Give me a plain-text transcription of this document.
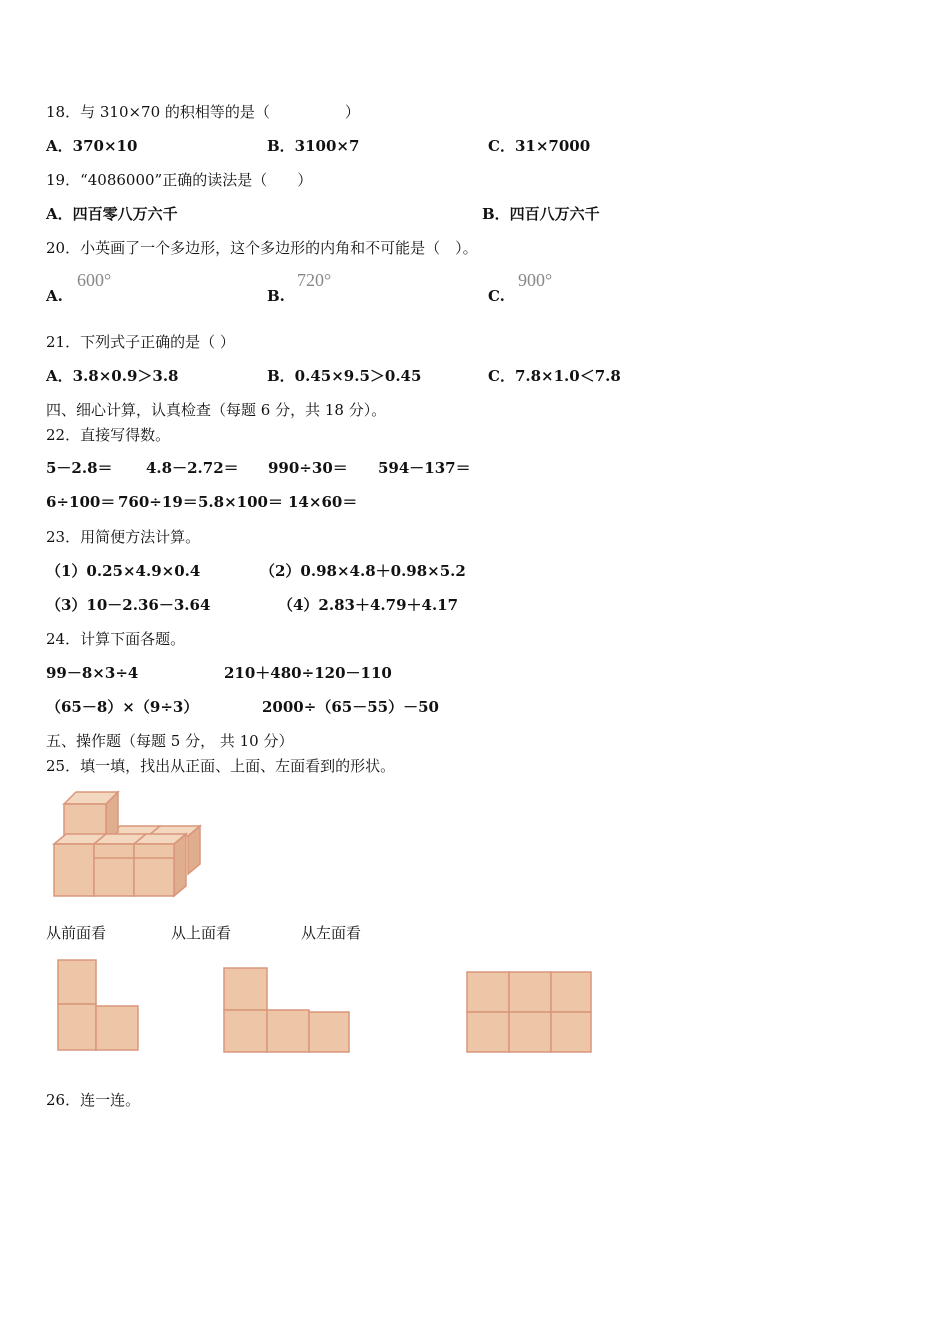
18．与 310×70 的积相等的是（　　　　　）
A．370×10	B．3100×7	C．31×7000
19．“4086000”正确的读法是（　　）
A．四百零八万六千	B．四百八万六千
20．小英画了一个多边形，这个多边形的内角和不可能是（　）。
A.
600°
B.
720°
C.
900°
21．下列式子正确的是（ ）
A．3.8×0.9＞3.8	B．0.45×9.5＞0.45	C．7.8×1.0＜7.8
四、细心计算，认真检查（每题 6 分，共 18 分）。
22．直接写得数。
5－2.8＝ 4.8－2.72＝ 990÷30＝ 594－137＝
6÷100＝ 760÷19＝ 5.8×100＝ 14×60＝
23．用简便方法计算。
（1）0.25×4.9×0.4	（2）0.98×4.8＋0.98×5.2
（3）10－2.36－3.64	（4）2.83＋4.79＋4.17
24．计算下面各题。
99－8×3÷4	210＋480÷120－110
（65－8）×（9÷3）	2000÷（65－55）－50
五、操作题（每题 5 分， 共 10 分）
25．填一填，找出从正面、上面、左面看到的形状。
从前面看	从上面看	从左面看
26．连一连。
